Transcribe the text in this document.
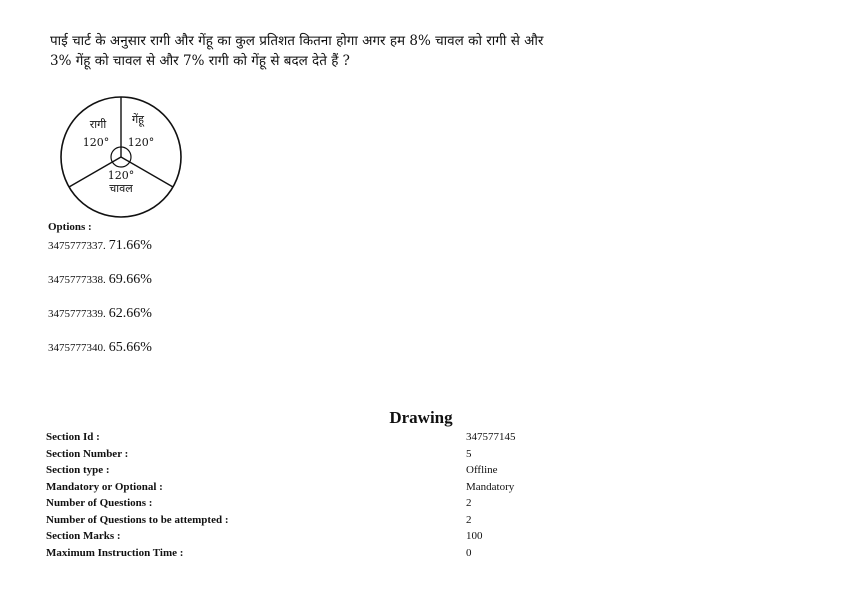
पाई चार्ट के अनुसार रागी और गेंहू का कुल प्रतिशत कितना होगा अगर हम 8% चावल को रागी से और
3% गेंहू को चावल से और 7% रागी को गेंहू से बदल देते हैं ?
रागी
120°
गेंहू
120°
120°
चावल
Options :
3475777337. 71.66%
3475777338. 69.66%
3475777339. 62.66%
3475777340. 65.66%
Drawing
Section Id :	347577145
Section Number :	5
Section type :	Offline
Mandatory or Optional :	Mandatory
Number of Questions :	2
Number of Questions to be attempted :	2
Section Marks :	100
Maximum Instruction Time :	0
